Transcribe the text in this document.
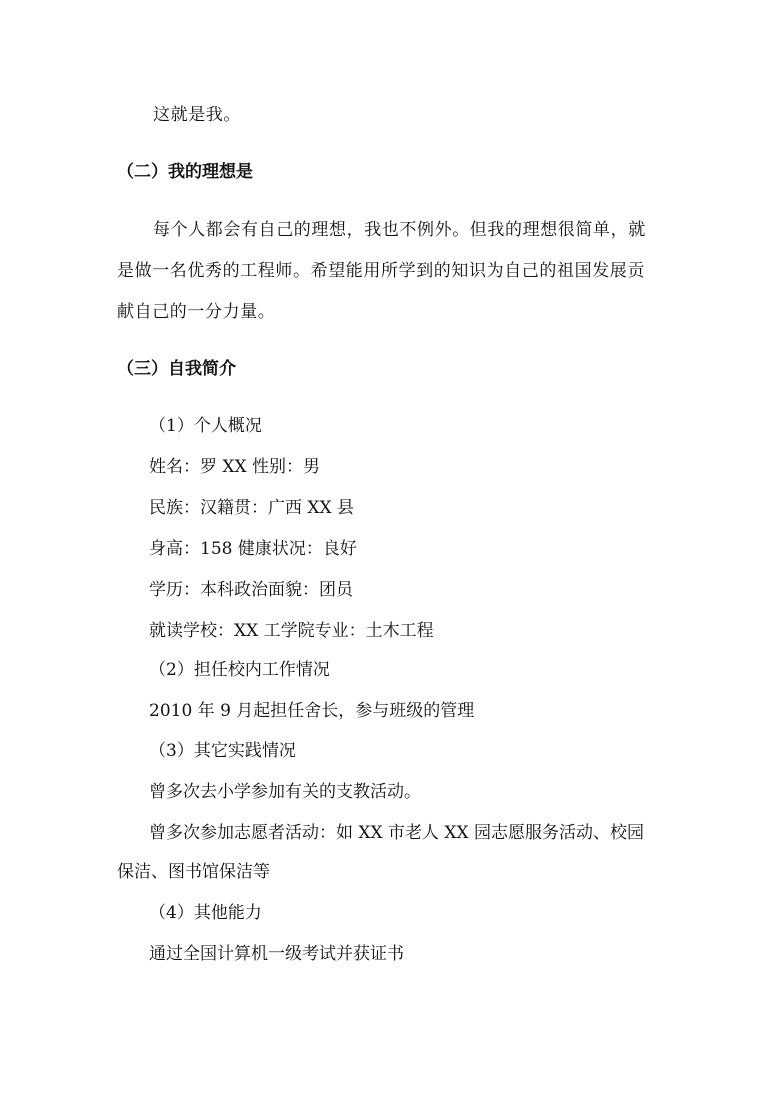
这就是我。
（二）我的理想是
每个人都会有自己的理想，我也不例外。但我的理想很简单，就
是做一名优秀的工程师。希望能用所学到的知识为自己的祖国发展贡
献自己的一分力量。
（三）自我简介
（1）个人概况
姓名：罗 XX 性别：男
民族：汉籍贯：广西 XX 县
身高：158 健康状况：良好
学历：本科政治面貌：团员
就读学校：XX 工学院专业：土木工程
（2）担任校内工作情况
2010 年 9 月起担任舍长，参与班级的管理
（3）其它实践情况
曾多次去小学参加有关的支教活动。
曾多次参加志愿者活动：如 XX 市老人 XX 园志愿服务活动、校园
保洁、图书馆保洁等
（4）其他能力
通过全国计算机一级考试并获证书
